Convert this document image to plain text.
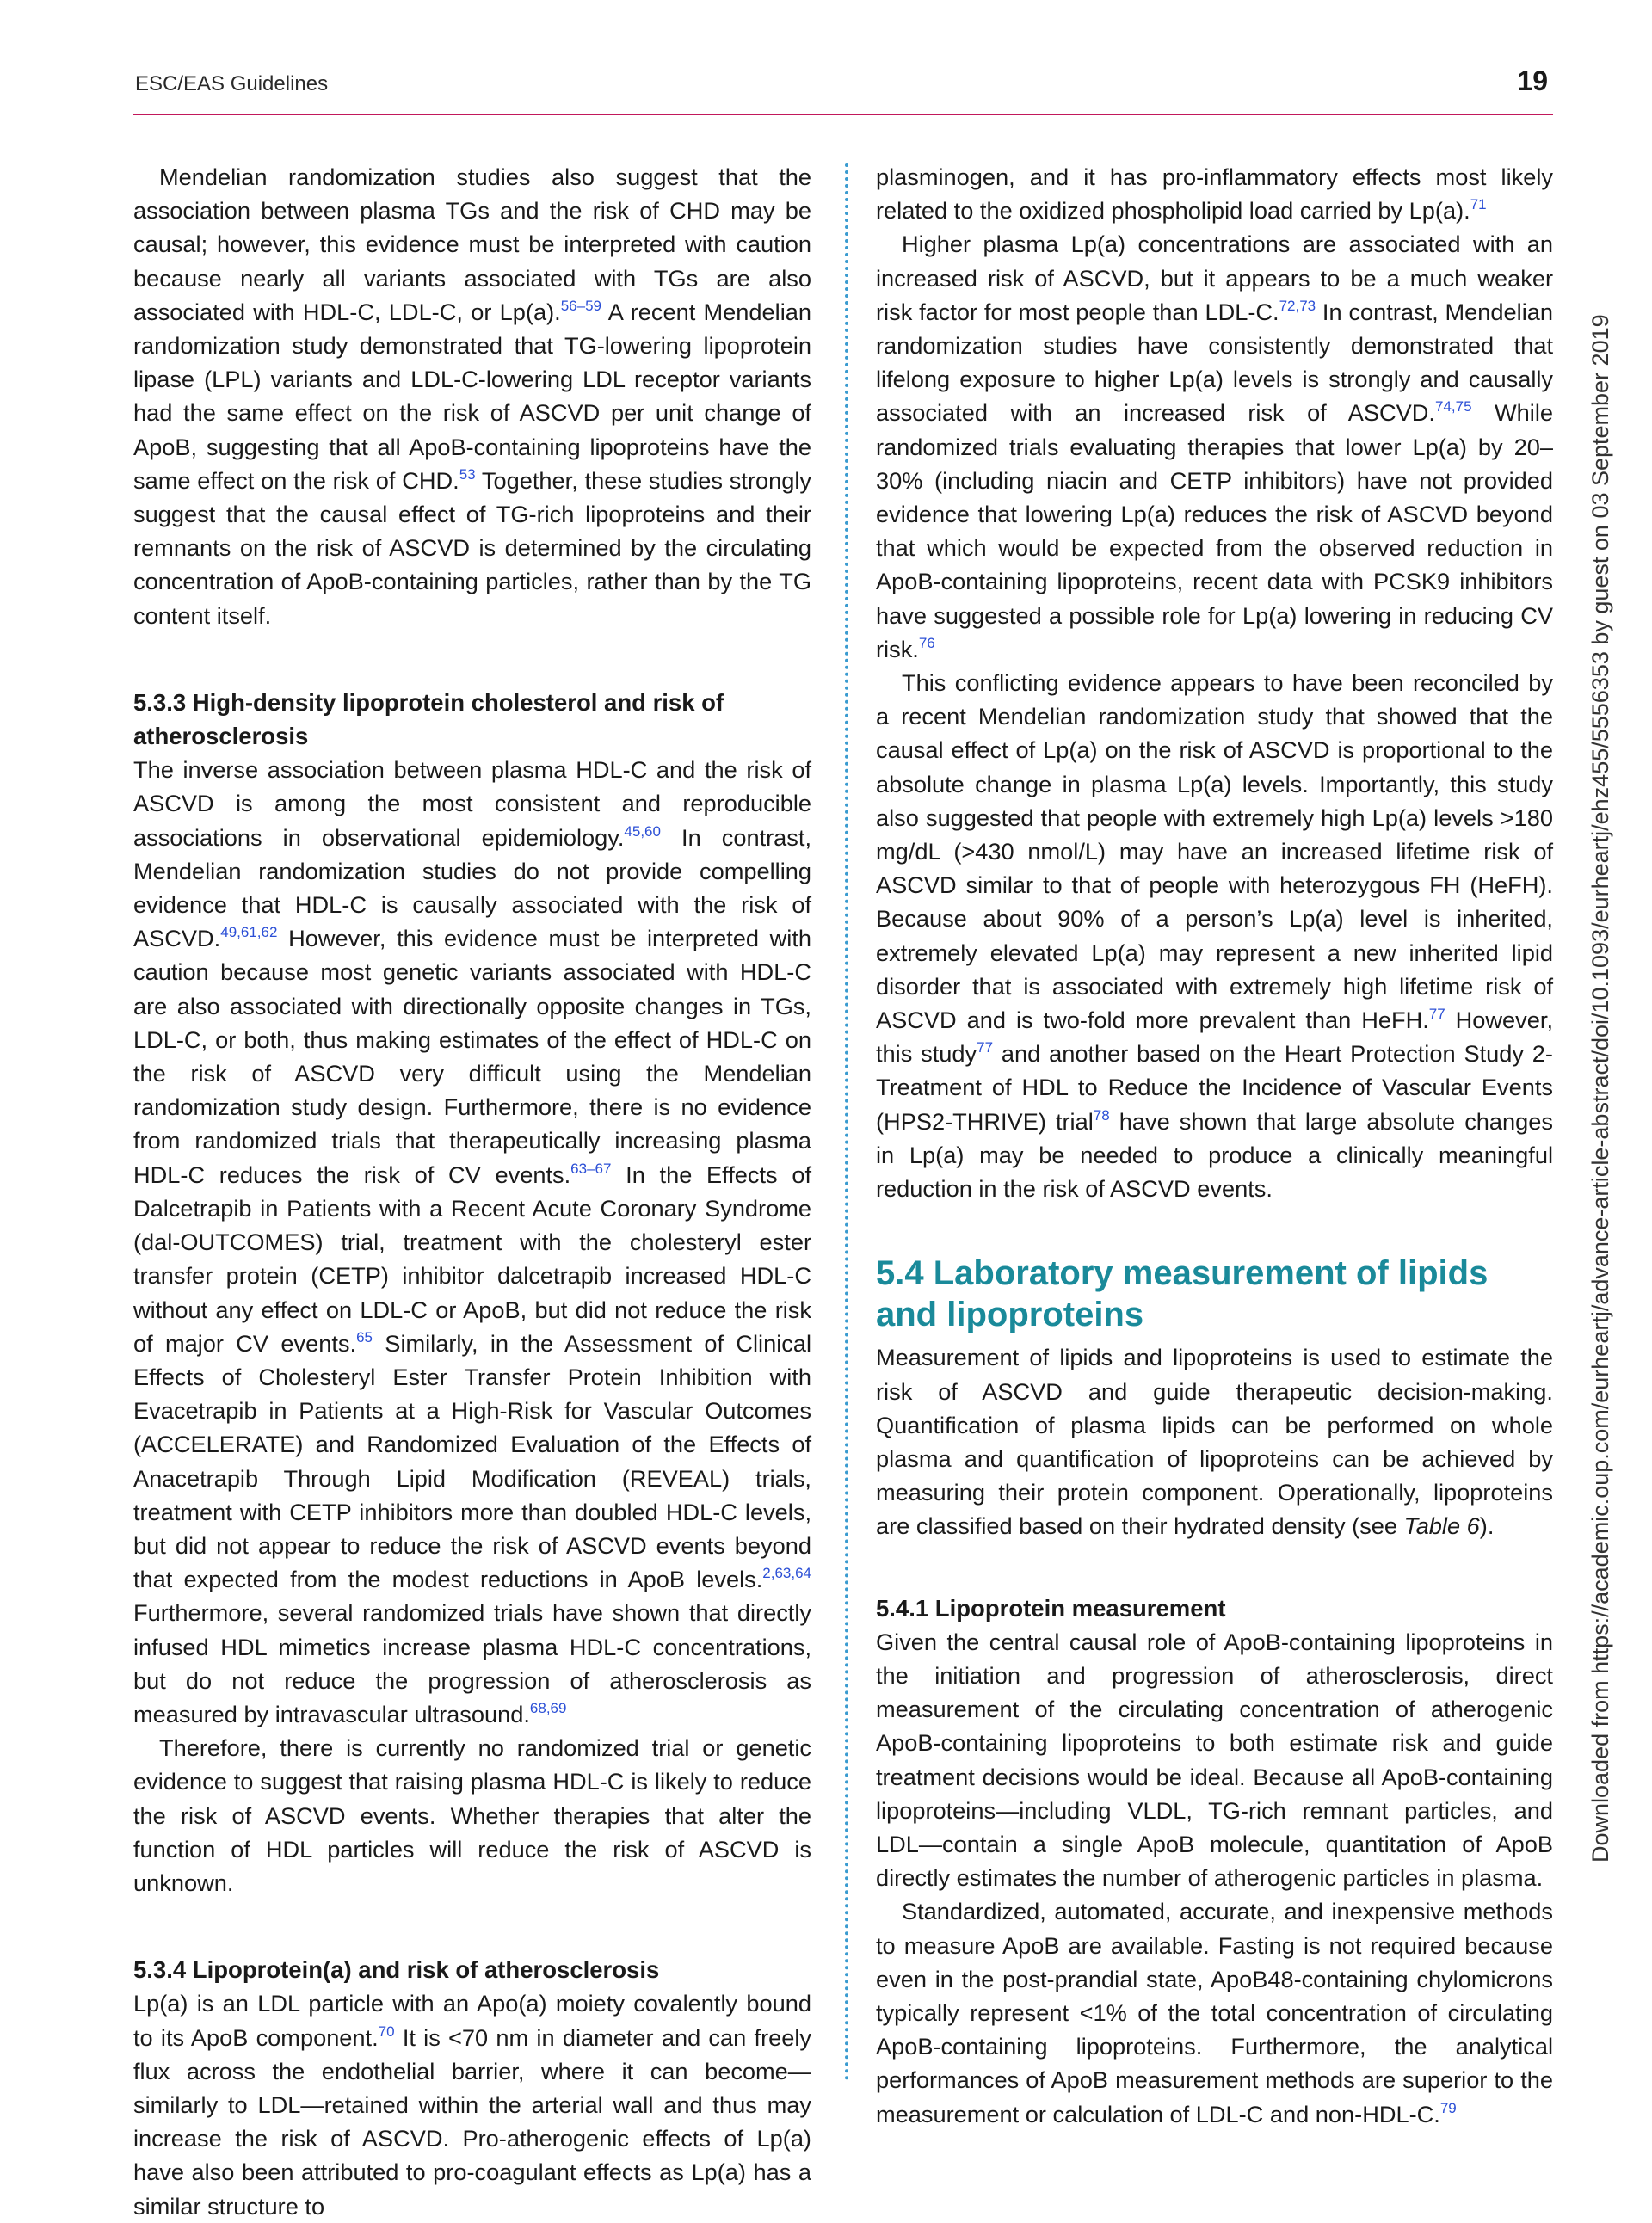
ESC/EAS Guidelines	19

Mendelian randomization studies also suggest that the association between plasma TGs and the risk of CHD may be causal; however, this evidence must be interpreted with caution because nearly all variants associated with TGs are also associated with HDL-C, LDL-C, or Lp(a).$^{56-59}$ A recent Mendelian randomization study demonstrated that TG-lowering lipoprotein lipase (LPL) variants and LDL-C-lowering LDL receptor variants had the same effect on the risk of ASCVD per unit change of ApoB, suggesting that all ApoB-containing lipoproteins have the same effect on the risk of CHD.$^{53}$ Together, these studies strongly suggest that the causal effect of TG-rich lipoproteins and their remnants on the risk of ASCVD is determined by the circulating concentration of ApoB-containing particles, rather than by the TG content itself.

5.3.3 High-density lipoprotein cholesterol and risk of atherosclerosis

The inverse association between plasma HDL-C and the risk of ASCVD is among the most consistent and reproducible associations in observational epidemiology.$^{45,60}$ In contrast, Mendelian randomization studies do not provide compelling evidence that HDL-C is causally associated with the risk of ASCVD.$^{49,61,62}$ However, this evidence must be interpreted with caution because most genetic variants associated with HDL-C are also associated with directionally opposite changes in TGs, LDL-C, or both, thus making estimates of the effect of HDL-C on the risk of ASCVD very difficult using the Mendelian randomization study design. Furthermore, there is no evidence from randomized trials that therapeutically increasing plasma HDL-C reduces the risk of CV events.$^{63-67}$ In the Effects of Dalcetrapib in Patients with a Recent Acute Coronary Syndrome (dal-OUTCOMES) trial, treatment with the cholesteryl ester transfer protein (CETP) inhibitor dalcetrapib increased HDL-C without any effect on LDL-C or ApoB, but did not reduce the risk of major CV events.$^{65}$ Similarly, in the Assessment of Clinical Effects of Cholesteryl Ester Transfer Protein Inhibition with Evacetrapib in Patients at a High-Risk for Vascular Outcomes (ACCELERATE) and Randomized Evaluation of the Effects of Anacetrapib Through Lipid Modification (REVEAL) trials, treatment with CETP inhibitors more than doubled HDL-C levels, but did not appear to reduce the risk of ASCVD events beyond that expected from the modest reductions in ApoB levels.$^{2,63,64}$ Furthermore, several randomized trials have shown that directly infused HDL mimetics increase plasma HDL-C concentrations, but do not reduce the progression of atherosclerosis as measured by intravascular ultrasound.$^{68,69}$

Therefore, there is currently no randomized trial or genetic evidence to suggest that raising plasma HDL-C is likely to reduce the risk of ASCVD events. Whether therapies that alter the function of HDL particles will reduce the risk of ASCVD is unknown.

5.3.4 Lipoprotein(a) and risk of atherosclerosis

Lp(a) is an LDL particle with an Apo(a) moiety covalently bound to its ApoB component.$^{70}$ It is <70 nm in diameter and can freely flux across the endothelial barrier, where it can become—similarly to LDL—retained within the arterial wall and thus may increase the risk of ASCVD. Pro-atherogenic effects of Lp(a) have also been attributed to pro-coagulant effects as Lp(a) has a similar structure to

plasminogen, and it has pro-inflammatory effects most likely related to the oxidized phospholipid load carried by Lp(a).$^{71}$

Higher plasma Lp(a) concentrations are associated with an increased risk of ASCVD, but it appears to be a much weaker risk factor for most people than LDL-C.$^{72,73}$ In contrast, Mendelian randomization studies have consistently demonstrated that lifelong exposure to higher Lp(a) levels is strongly and causally associated with an increased risk of ASCVD.$^{74,75}$ While randomized trials evaluating therapies that lower Lp(a) by 20–30% (including niacin and CETP inhibitors) have not provided evidence that lowering Lp(a) reduces the risk of ASCVD beyond that which would be expected from the observed reduction in ApoB-containing lipoproteins, recent data with PCSK9 inhibitors have suggested a possible role for Lp(a) lowering in reducing CV risk.$^{76}$

This conflicting evidence appears to have been reconciled by a recent Mendelian randomization study that showed that the causal effect of Lp(a) on the risk of ASCVD is proportional to the absolute change in plasma Lp(a) levels. Importantly, this study also suggested that people with extremely high Lp(a) levels >180 mg/dL (>430 nmol/L) may have an increased lifetime risk of ASCVD similar to that of people with heterozygous FH (HeFH). Because about 90% of a person’s Lp(a) level is inherited, extremely elevated Lp(a) may represent a new inherited lipid disorder that is associated with extremely high lifetime risk of ASCVD and is two-fold more prevalent than HeFH.$^{77}$ However, this study$^{77}$ and another based on the Heart Protection Study 2-Treatment of HDL to Reduce the Incidence of Vascular Events (HPS2-THRIVE) trial$^{78}$ have shown that large absolute changes in Lp(a) may be needed to produce a clinically meaningful reduction in the risk of ASCVD events.

5.4 Laboratory measurement of lipids and lipoproteins

Measurement of lipids and lipoproteins is used to estimate the risk of ASCVD and guide therapeutic decision-making. Quantification of plasma lipids can be performed on whole plasma and quantification of lipoproteins can be achieved by measuring their protein component. Operationally, lipoproteins are classified based on their hydrated density (see Table 6).

5.4.1 Lipoprotein measurement

Given the central causal role of ApoB-containing lipoproteins in the initiation and progression of atherosclerosis, direct measurement of the circulating concentration of atherogenic ApoB-containing lipoproteins to both estimate risk and guide treatment decisions would be ideal. Because all ApoB-containing lipoproteins—including VLDL, TG-rich remnant particles, and LDL—contain a single ApoB molecule, quantitation of ApoB directly estimates the number of atherogenic particles in plasma.

Standardized, automated, accurate, and inexpensive methods to measure ApoB are available. Fasting is not required because even in the post-prandial state, ApoB48-containing chylomicrons typically represent <1% of the total concentration of circulating ApoB-containing lipoproteins. Furthermore, the analytical performances of ApoB measurement methods are superior to the measurement or calculation of LDL-C and non-HDL-C.$^{79}$

Downloaded from https://academic.oup.com/eurheartj/advance-article-abstract/doi/10.1093/eurheartj/ehz455/5556353 by guest on 03 September 2019
